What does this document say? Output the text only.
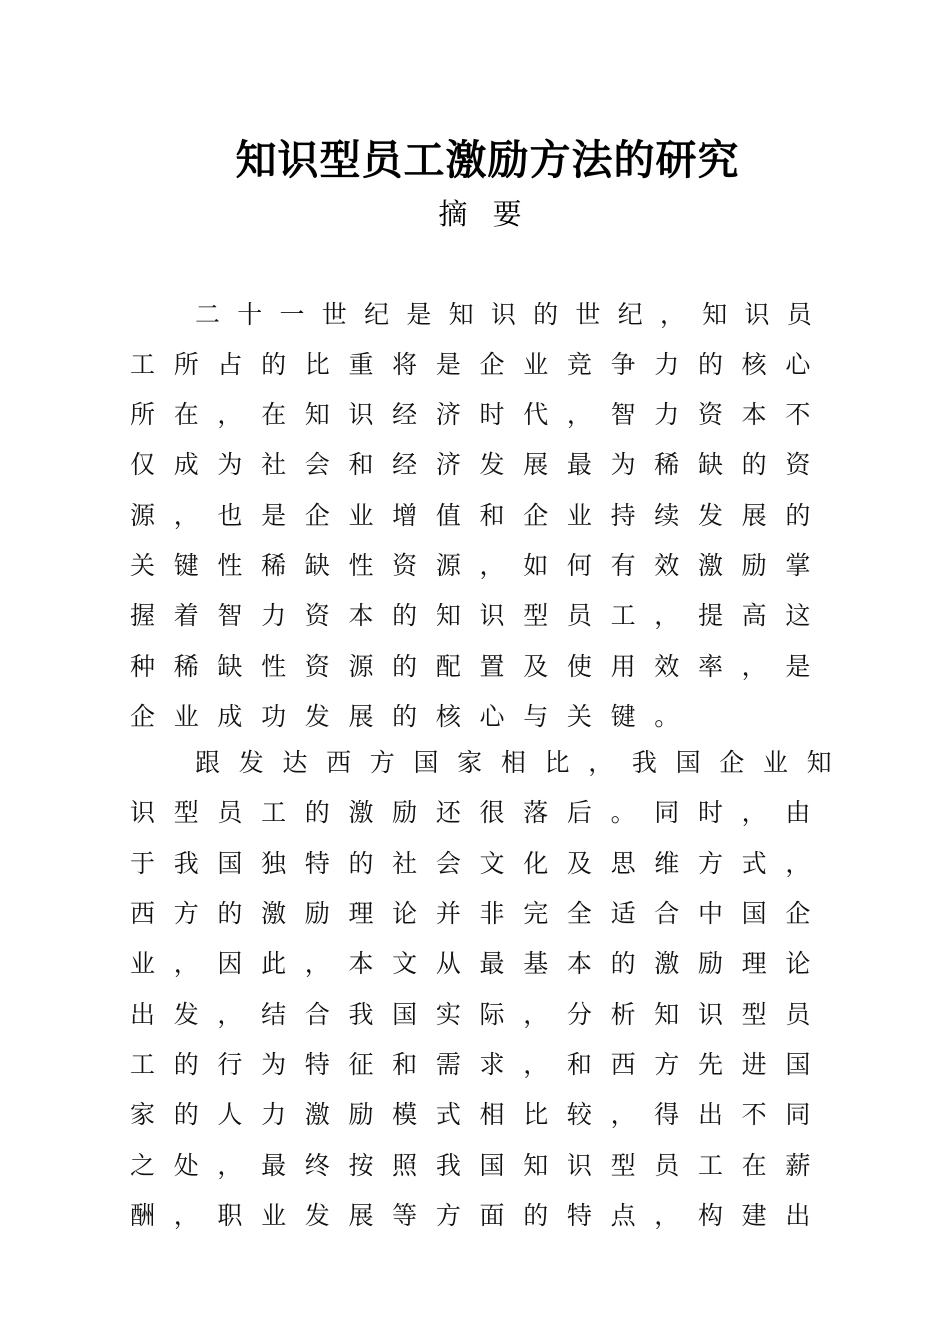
知识型员工激励方法的研究
摘 要
二十一世纪是知识的世纪，知识员
工所占的比重将是企业竞争力的核心
所在，在知识经济时代，智力资本不
仅成为社会和经济发展最为稀缺的资
源，也是企业增值和企业持续发展的
关键性稀缺性资源，如何有效激励掌
握着智力资本的知识型员工，提高这
种稀缺性资源的配置及使用效率，是
企业成功发展的核心与关键。
跟发达西方国家相比，我国企业知
识型员工的激励还很落后。同时，由
于我国独特的社会文化及思维方式，
西方的激励理论并非完全适合中国企
业，因此，本文从最基本的激励理论
出发，结合我国实际，分析知识型员
工的行为特征和需求，和西方先进国
家的人力激励模式相比较，得出不同
之处，最终按照我国知识型员工在薪
酬，职业发展等方面的特点，构建出
